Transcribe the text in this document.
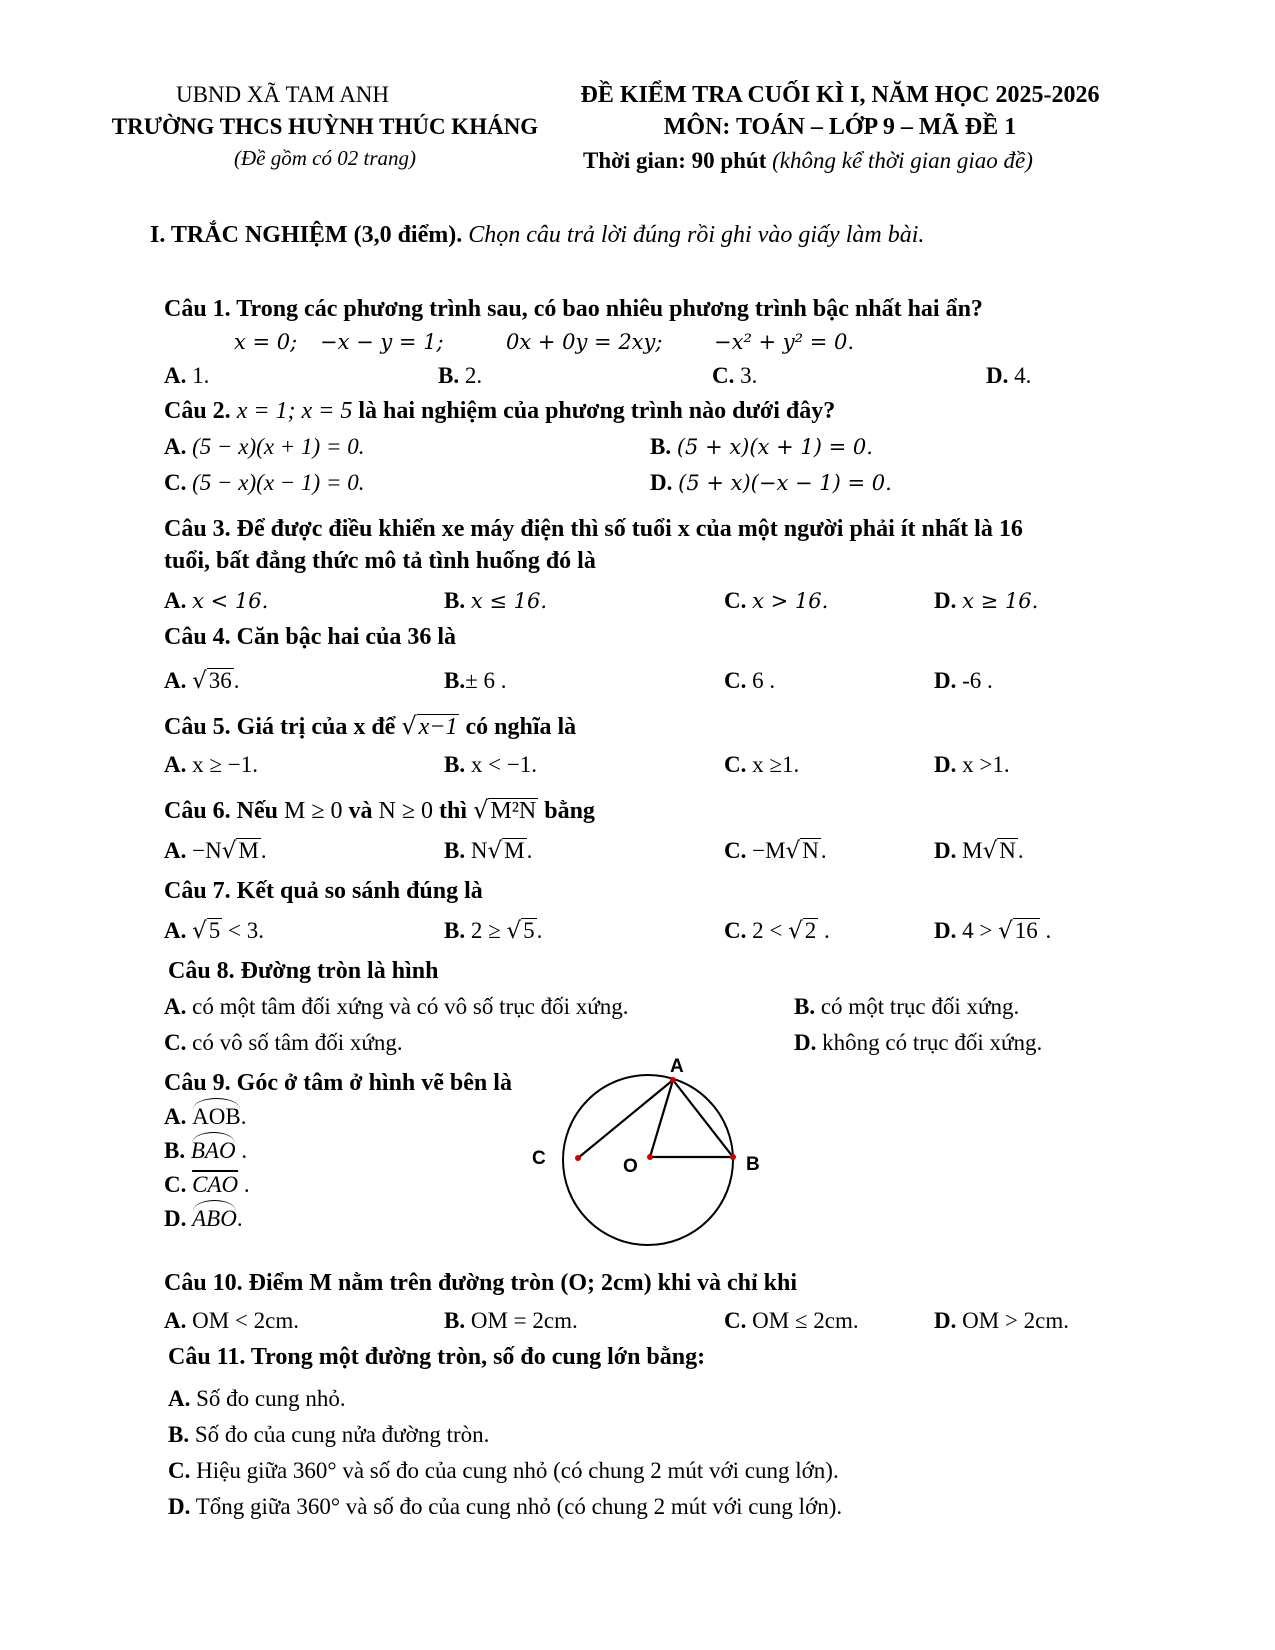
UBND XÃ TAM ANH
TRƯỜNG THCS HUỲNH THÚC KHÁNG
(Đề gồm có 02 trang)
ĐỀ KIỂM TRA CUỐI KÌ I, NĂM HỌC 2025-2026
MÔN: TOÁN – LỚP 9 – MÃ ĐỀ 1
Thời gian: 90 phút (không kể thời gian giao đề)
I. TRẮC NGHIỆM (3,0 điểm). Chọn câu trả lời đúng rồi ghi vào giấy làm bài.
Câu 1. Trong các phương trình sau, có bao nhiêu phương trình bậc nhất hai ẩn?
x = 0; −x − y = 1;	0x + 0y = 2xy; −x² + y² = 0.
A. 1.	B. 2.	C. 3.	D. 4.
Câu 2. x = 1; x = 5 là hai nghiệm của phương trình nào dưới đây?
A. (5 − x)(x + 1) = 0.	B. (5 + x)(x + 1) = 0.
C. (5 − x)(x − 1) = 0.	D. (5 + x)(−x − 1) = 0.
Câu 3. Để được điều khiển xe máy điện thì số tuổi x của một người phải ít nhất là 16
tuổi, bất đẳng thức mô tả tình huống đó là
A. x < 16.	B. x ≤ 16.	C. x > 16.	D. x ≥ 16.
Câu 4. Căn bậc hai của 36 là
A. √36.	B.± 6 .	C. 6 .	D. -6 .
Câu 5. Giá trị của x để √x−1 có nghĩa là
A. x ≥ −1.	B. x < −1.	C. x ≥1.	D. x >1.
Câu 6. Nếu M ≥ 0 và N ≥ 0 thì √M²N bằng
A. −N√M.	B. N√M.	C. −M√N.	D. M√N.
Câu 7. Kết quả so sánh đúng là
A. √5 < 3.	B. 2 ≥ √5.	C. 2 < √2 .	D. 4 > √16 .
Câu 8. Đường tròn là hình
A. có một tâm đối xứng và có vô số trục đối xứng.	B. có một trục đối xứng.
C. có vô số tâm đối xứng.	D. không có trục đối xứng.
Câu 9. Góc ở tâm ở hình vẽ bên là
A. AOB.
B. BAO .
C. $\overline{CAO}$ .
D. ABO.
A
B
C	O
Câu 10. Điểm M nằm trên đường tròn (O; 2cm) khi và chỉ khi
A. OM < 2cm.	B. OM = 2cm.	C. OM ≤ 2cm.	D. OM > 2cm.
Câu 11. Trong một đường tròn, số đo cung lớn bằng:
A. Số đo cung nhỏ.
B. Số đo của cung nửa đường tròn.
C. Hiệu giữa 360° và số đo của cung nhỏ (có chung 2 mút với cung lớn).
D. Tổng giữa 360° và số đo của cung nhỏ (có chung 2 mút với cung lớn).
